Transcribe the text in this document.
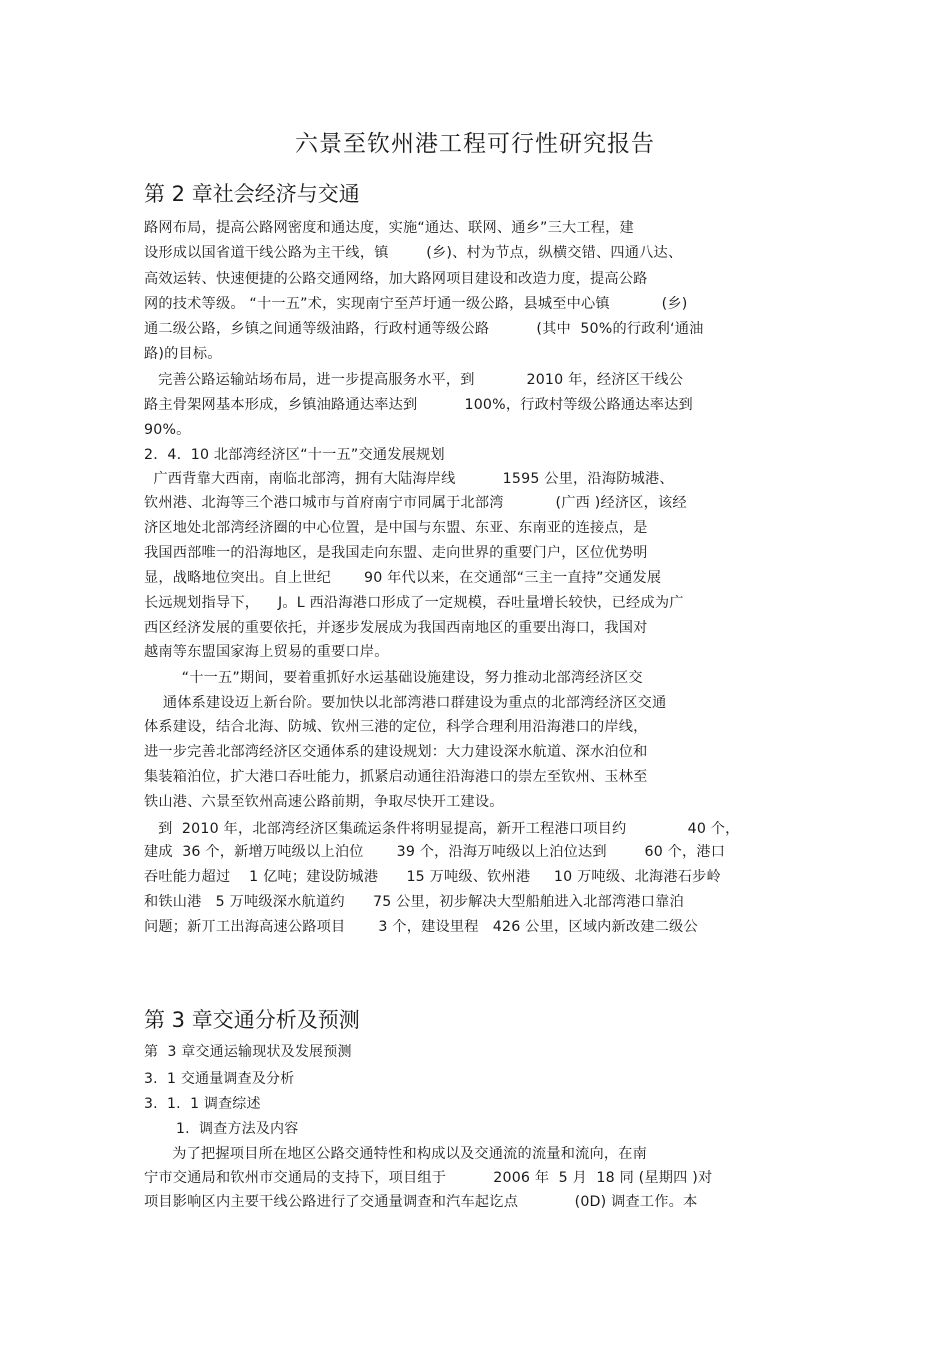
六景至钦州港工程可行性研究报告
第 2 章社会经济与交通
路网布局，提高公路网密度和通达度，实施“通达、联网、通乡”三大工程，建
设形成以国省道干线公路为主干线，镇        (乡)、村为节点，纵横交错、四通八达、
高效运转、快速便捷的公路交通网络，加大路网项目建设和改造力度，提高公路
网的技术等级。 “十一五”术，实现南宁至芦圩通一级公路，县城至中心镇           (乡)
通二级公路，乡镇之间通等级油路，行政村通等级公路          (其中  50%的行政利‘通油
路)的目标。
完善公路运输站场布局，进一步提高服务水平，到           2010 年，经济区干线公
路主骨架网基本形成，乡镇油路通达率达到          100%，行政村等级公路通达率达到
90%。
2.  4.  10 北部湾经济区“十一五”交通发展规划
广西背靠大西南，南临北部湾，拥有大陆海岸线          1595 公里，沿海防城港、
钦州港、北海等三个港口城市与首府南宁市同属于北部湾           (广西 )经济区，该经
济区地处北部湾经济圈的中心位置，是中国与东盟、东亚、东南亚的连接点，是
我国西部唯一的沿海地区，是我国走向东盟、走向世界的重要门户，区位优势明
显，战略地位突出。自上世纪       90 年代以来，在交通部“三主一直持”交通发展
长远规划指导下，    J。L 西沿海港口形成了一定规模，吞吐量增长较快，已经成为广
西区经济发展的重要依托，并逐步发展成为我国西南地区的重要出海口，我国对
越南等东盟国家海上贸易的重要口岸。
“十一五”期间，要着重抓好水运基础设施建设，努力推动北部湾经济区交
通体系建设迈上新台阶。要加快以北部湾港口群建设为重点的北部湾经济区交通
体系建设，结合北海、防城、钦州三港的定位，科学合理利用沿海港口的岸线，
进一步完善北部湾经济区交通体系的建设规划：大力建设深水航道、深水泊位和
集装箱泊位，扩大港口吞吐能力，抓紧启动通往沿海港口的崇左至钦州、玉林至
铁山港、六景至钦州高速公路前期，争取尽快开工建设。
到  2010 年，北部湾经济区集疏运条件将明显提高，新开工程港口项目约             40 个，
建成  36 个，新增万吨级以上泊位       39 个，沿海万吨级以上泊位达到        60 个，港口
吞吐能力超过    1 亿吨；建设防城港      15 万吨级、钦州港     10 万吨级、北海港石步岭
和铁山港   5 万吨级深水航道约      75 公里，初步解决大型船舶进入北部湾港口靠泊
问题；新丌工出海高速公路项目       3 个，建设里程   426 公里，区域内新改建二级公
第 3 章交通分析及预测
第  3 章交通运输现状及发展预测
3.  1 交通量调查及分析
3.  1.  1 调查综述
1.  调查方法及内容
为了把握项目所在地区公路交通特性和构成以及交通流的流量和流向，在南
宁市交通局和钦州市交通局的支持下，项目组于          2006 年  5 月  18 同 (星期四 )对
项目影响区内主要干线公路进行了交通量调查和汽车起讫点            (0D) 调查工作。本
